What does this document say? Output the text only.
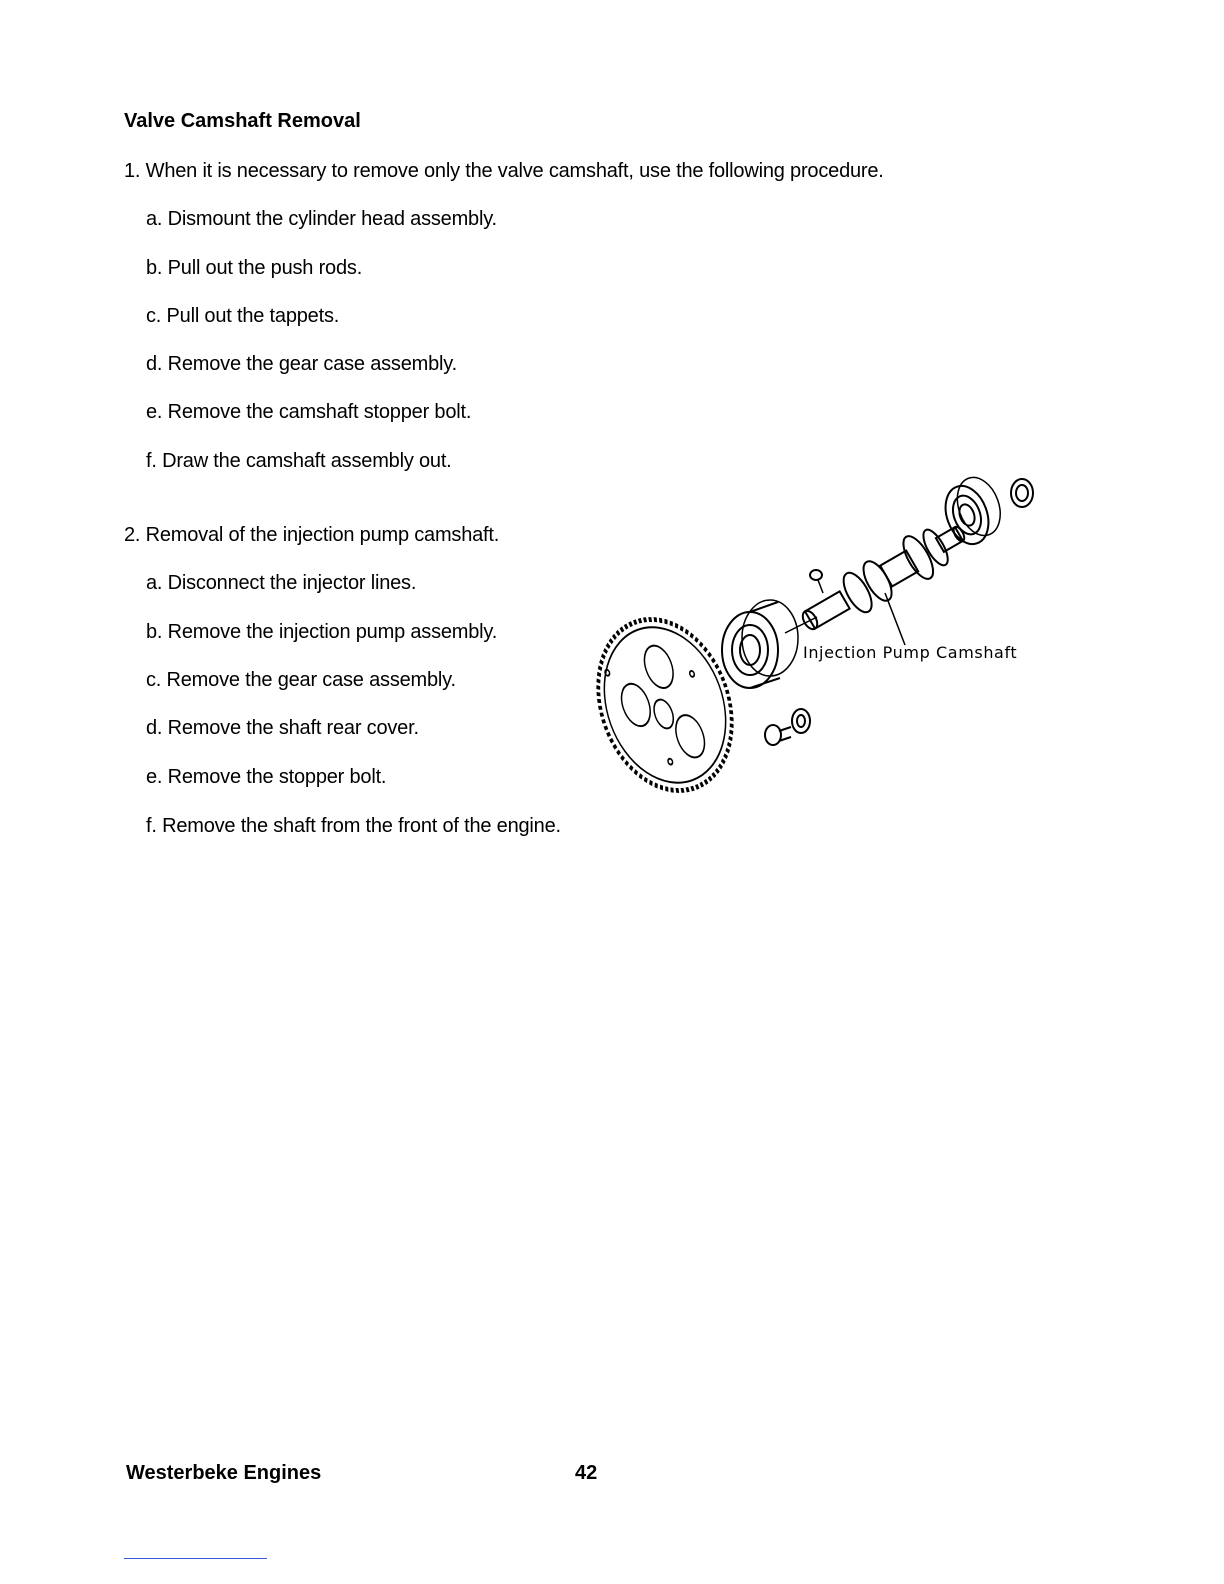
Valve Camshaft Removal
1. When it is necessary to remove only the valve camshaft, use the following procedure.
a. Dismount the cylinder head assembly.
b. Pull out the push rods.
c. Pull out the tappets.
d. Remove the gear case assembly.
e. Remove the camshaft stopper bolt.
f. Draw the camshaft assembly out.
2. Removal of the injection pump camshaft.
a. Disconnect the injector lines.
b. Remove the injection pump assembly.
c. Remove the gear case assembly.
d. Remove the shaft rear cover.
e. Remove the stopper bolt.
f. Remove the shaft from the front of the engine.
Injection Pump Camshaft
Westerbeke Engines	42
